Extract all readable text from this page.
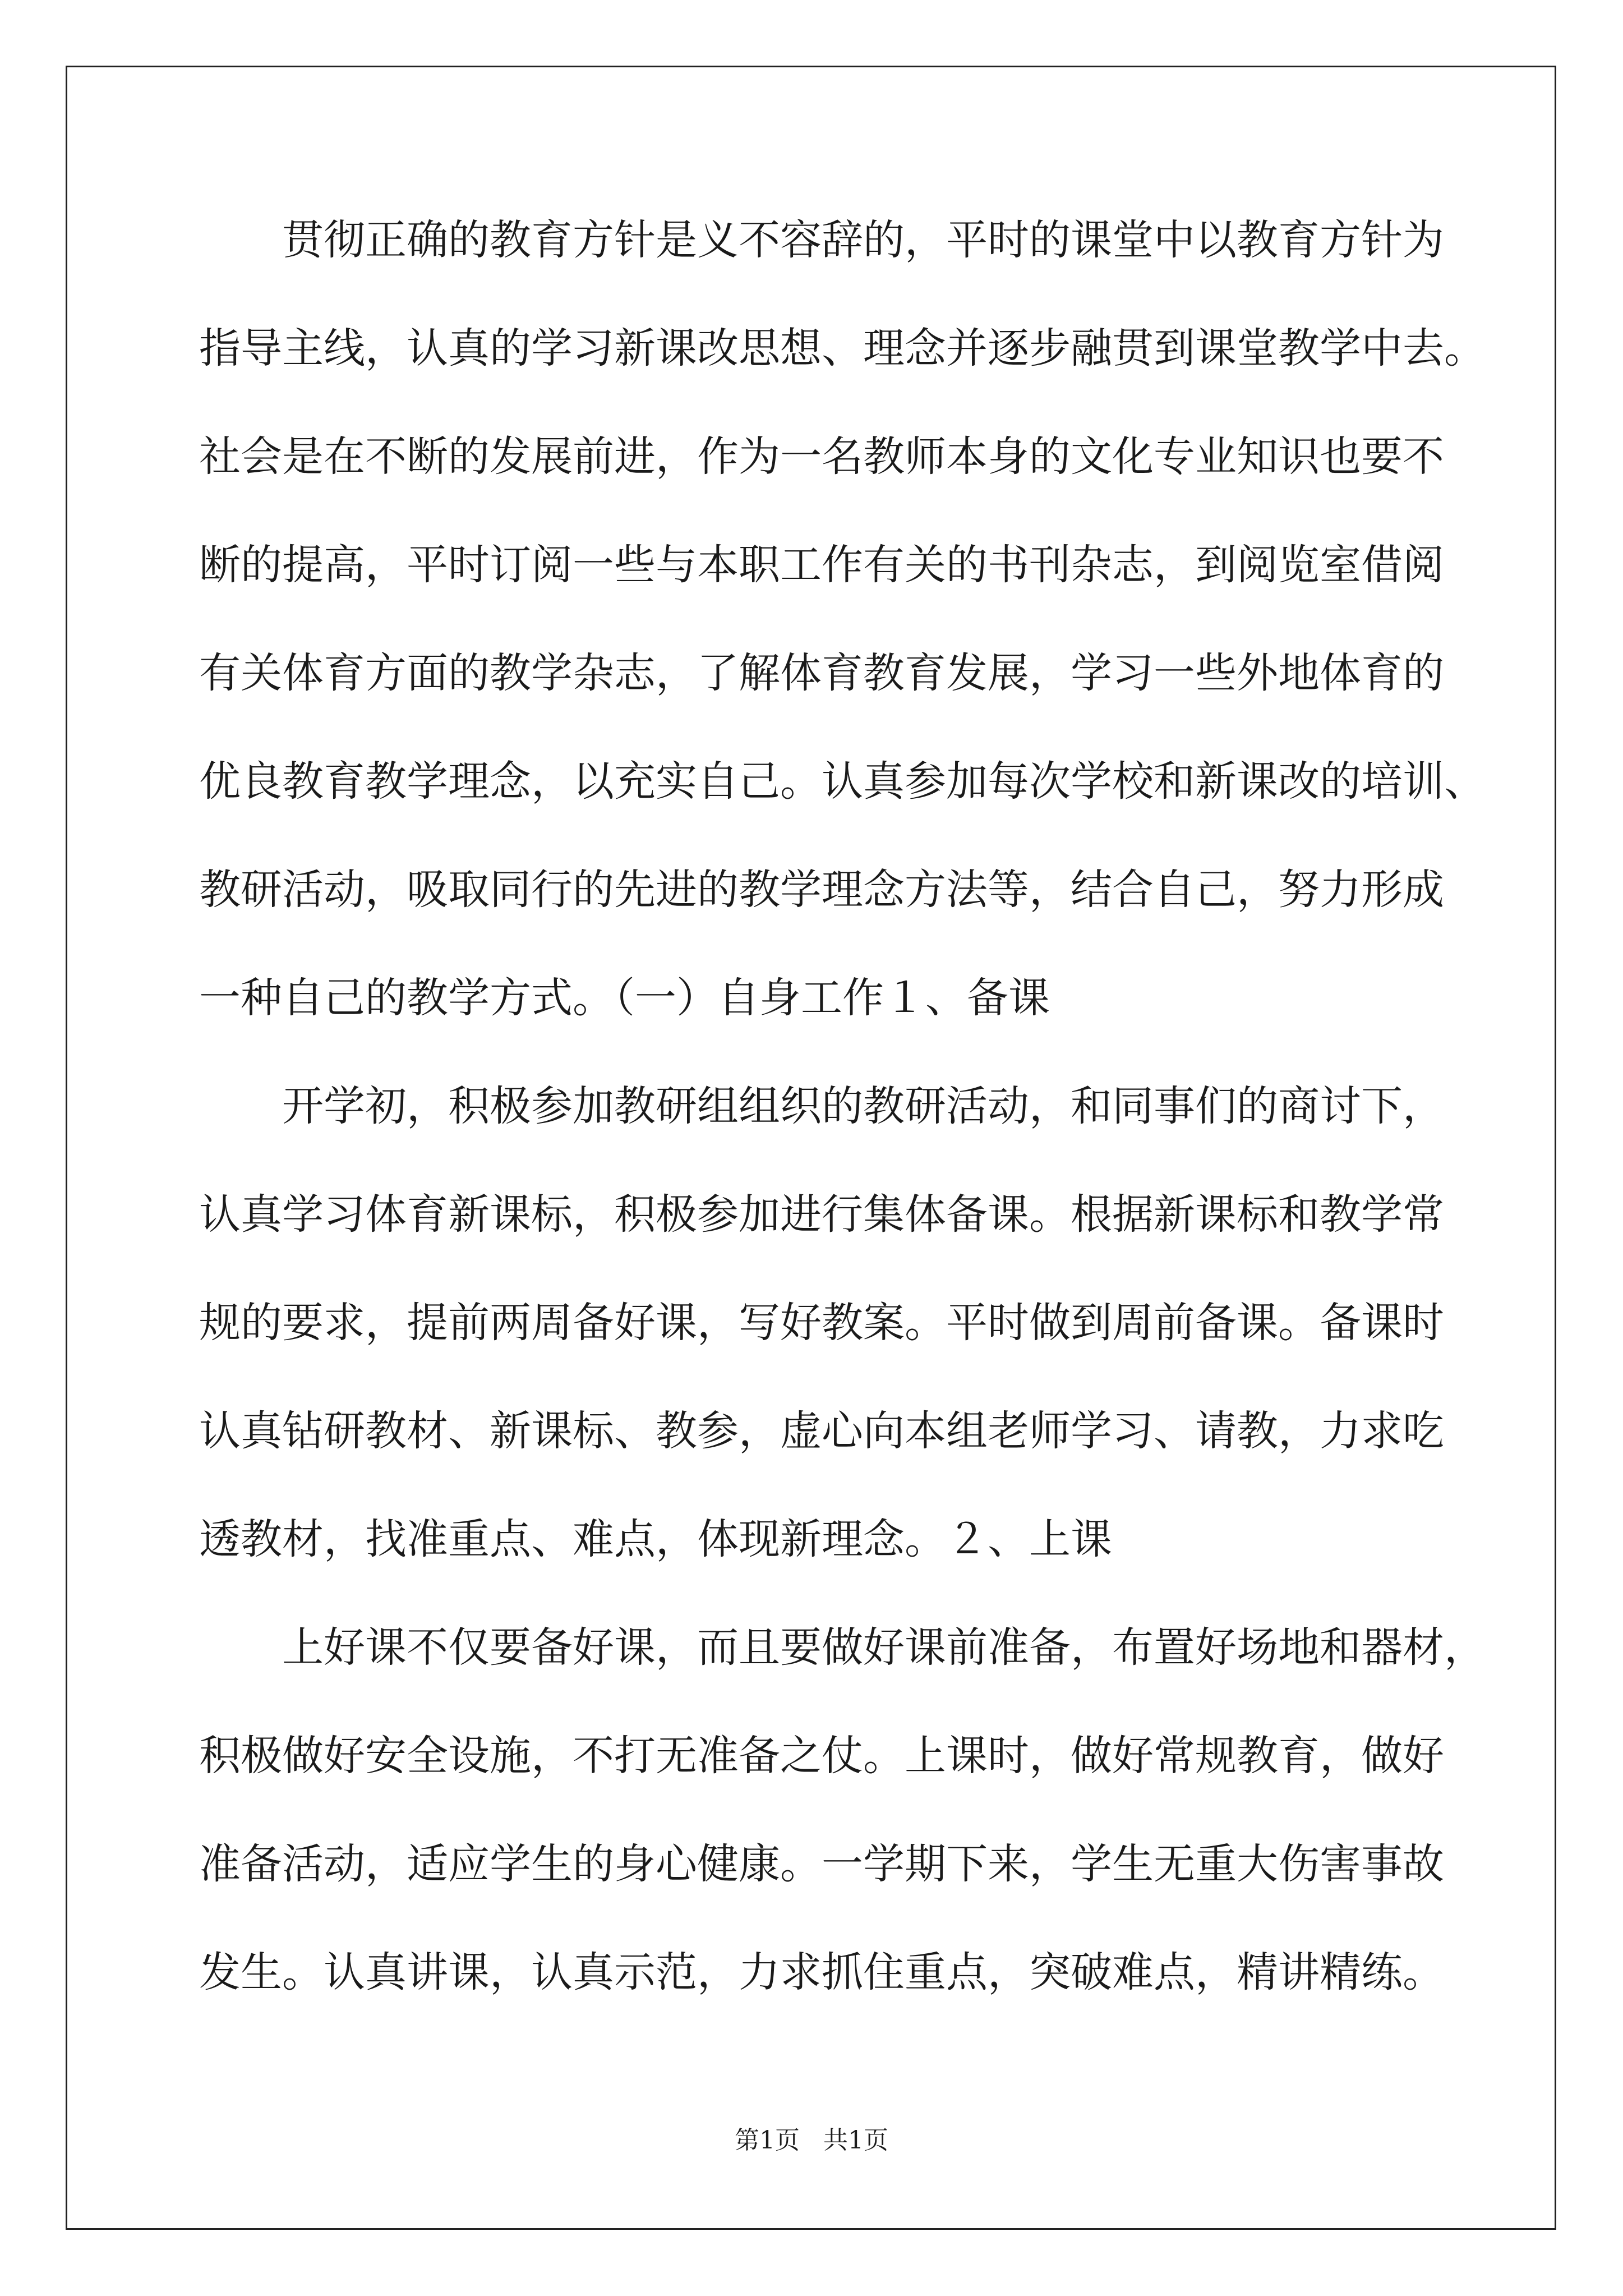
贯彻正确的教育方针是义不容辞的，平时的课堂中以教育方针为
指导主线，认真的学习新课改思想、理念并逐步融贯到课堂教学中去。
社会是在不断的发展前进，作为一名教师本身的文化专业知识也要不
断的提高，平时订阅一些与本职工作有关的书刊杂志，到阅览室借阅
有关体育方面的教学杂志，了解体育教育发展，学习一些外地体育的
优良教育教学理念，以充实自己。认真参加每次学校和新课改的培训、
教研活动，吸取同行的先进的教学理念方法等，结合自己，努力形成
一种自己的教学方式。（一）自身工作１、备课
开学初，积极参加教研组组织的教研活动，和同事们的商讨下，
认真学习体育新课标，积极参加进行集体备课。根据新课标和教学常
规的要求，提前两周备好课，写好教案。平时做到周前备课。备课时
认真钻研教材、新课标、教参，虚心向本组老师学习、请教，力求吃
透教材，找准重点、难点，体现新理念。２、上课
上好课不仅要备好课，而且要做好课前准备，布置好场地和器材，
积极做好安全设施，不打无准备之仗。上课时，做好常规教育，做好
准备活动，适应学生的身心健康。一学期下来，学生无重大伤害事故
发生。认真讲课，认真示范，力求抓住重点，突破难点，精讲精练。
第1页 共1页
